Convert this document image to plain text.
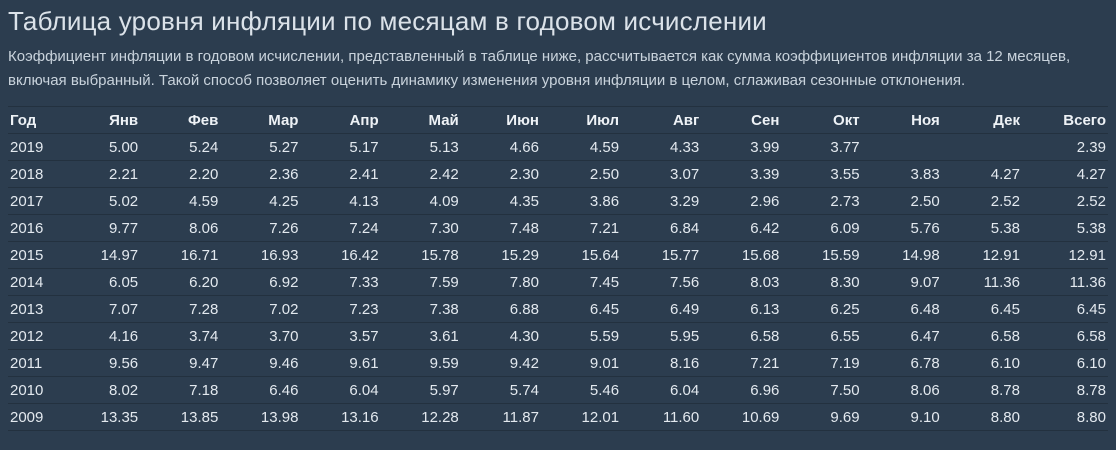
Таблица уровня инфляции по месяцам в годовом исчислении

Коэффициент инфляции в годовом исчислении, представленный в таблице ниже, рассчитывается как сумма коэффициентов инфляции за 12 месяцев, включая выбранный. Такой способ позволяет оценить динамику изменения уровня инфляции в целом, сглаживая сезонные отклонения.

Год	Янв	Фев	Мар	Апр	Май	Июн	Июл	Авг	Сен	Окт	Ноя	Дек	Всего
2019	5.00	5.24	5.27	5.17	5.13	4.66	4.59	4.33	3.99	3.77			2.39
2018	2.21	2.20	2.36	2.41	2.42	2.30	2.50	3.07	3.39	3.55	3.83	4.27	4.27
2017	5.02	4.59	4.25	4.13	4.09	4.35	3.86	3.29	2.96	2.73	2.50	2.52	2.52
2016	9.77	8.06	7.26	7.24	7.30	7.48	7.21	6.84	6.42	6.09	5.76	5.38	5.38
2015	14.97	16.71	16.93	16.42	15.78	15.29	15.64	15.77	15.68	15.59	14.98	12.91	12.91
2014	6.05	6.20	6.92	7.33	7.59	7.80	7.45	7.56	8.03	8.30	9.07	11.36	11.36
2013	7.07	7.28	7.02	7.23	7.38	6.88	6.45	6.49	6.13	6.25	6.48	6.45	6.45
2012	4.16	3.74	3.70	3.57	3.61	4.30	5.59	5.95	6.58	6.55	6.47	6.58	6.58
2011	9.56	9.47	9.46	9.61	9.59	9.42	9.01	8.16	7.21	7.19	6.78	6.10	6.10
2010	8.02	7.18	6.46	6.04	5.97	5.74	5.46	6.04	6.96	7.50	8.06	8.78	8.78
2009	13.35	13.85	13.98	13.16	12.28	11.87	12.01	11.60	10.69	9.69	9.10	8.80	8.80
